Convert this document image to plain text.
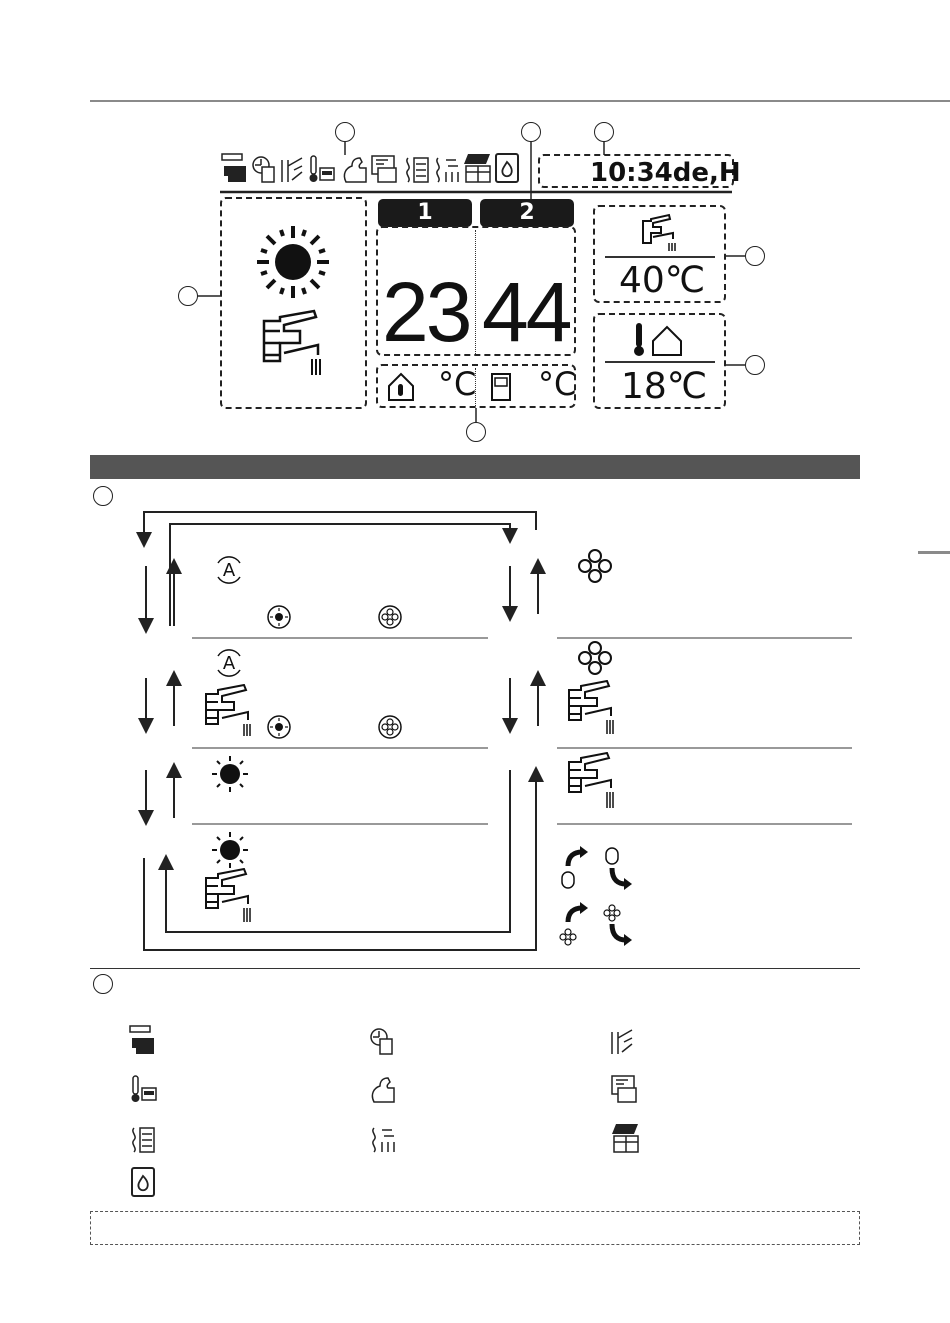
10:34de,H
1	2
23 44
°C °C
40℃
18℃
A
A
